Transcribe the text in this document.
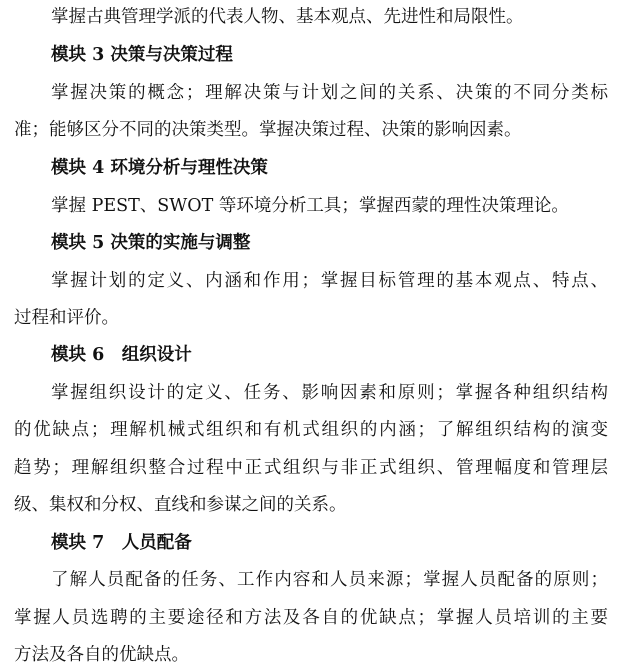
掌握古典管理学派的代表人物、基本观点、先进性和局限性。
模块 3 决策与决策过程
掌握决策的概念；理解决策与计划之间的关系、决策的不同分类标
准；能够区分不同的决策类型。掌握决策过程、决策的影响因素。
模块 4 环境分析与理性决策
掌握 PEST、SWOT 等环境分析工具；掌握西蒙的理性决策理论。
模块 5 决策的实施与调整
掌握计划的定义、内涵和作用；掌握目标管理的基本观点、特点、
过程和评价。
模块 6　组织设计
掌握组织设计的定义、任务、影响因素和原则；掌握各种组织结构
的优缺点；理解机械式组织和有机式组织的内涵；了解组织结构的演变
趋势；理解组织整合过程中正式组织与非正式组织、管理幅度和管理层
级、集权和分权、直线和参谋之间的关系。
模块 7　人员配备
了解人员配备的任务、工作内容和人员来源；掌握人员配备的原则；
掌握人员选聘的主要途径和方法及各自的优缺点；掌握人员培训的主要
方法及各自的优缺点。
